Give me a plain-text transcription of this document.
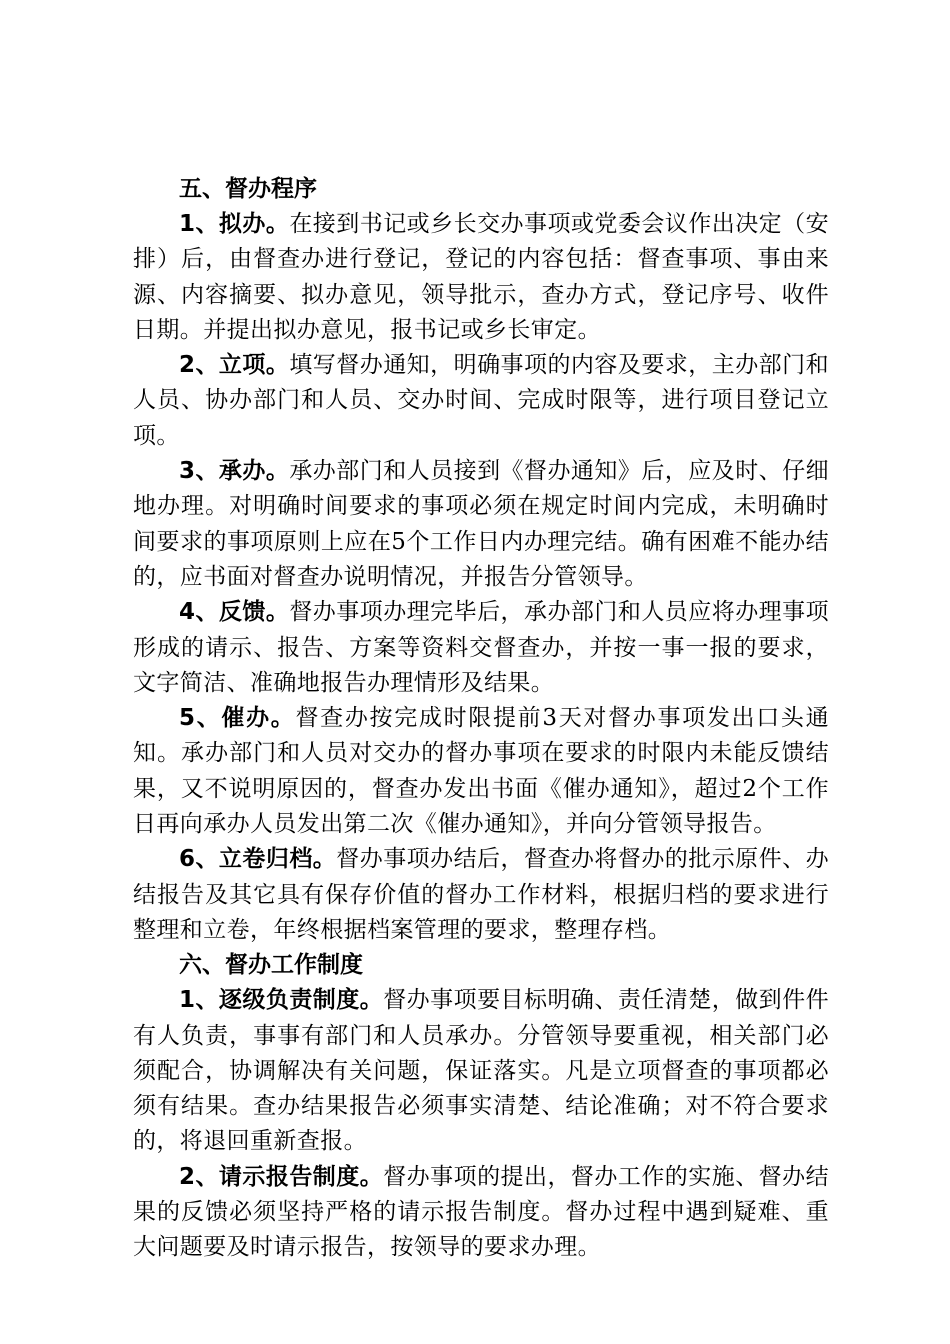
五、督办程序

1、拟办。在接到书记或乡长交办事项或党委会议作出决定（安排）后，由督查办进行登记，登记的内容包括：督查事项、事由来源、内容摘要、拟办意见，领导批示，查办方式，登记序号、收件日期。并提出拟办意见，报书记或乡长审定。

2、立项。填写督办通知，明确事项的内容及要求，主办部门和人员、协办部门和人员、交办时间、完成时限等，进行项目登记立项。

3、承办。承办部门和人员接到《督办通知》后，应及时、仔细地办理。对明确时间要求的事项必须在规定时间内完成，未明确时间要求的事项原则上应在5个工作日内办理完结。确有困难不能办结的，应书面对督查办说明情况，并报告分管领导。

4、反馈。督办事项办理完毕后，承办部门和人员应将办理事项形成的请示、报告、方案等资料交督查办，并按一事一报的要求，文字简洁、准确地报告办理情形及结果。

5、催办。督查办按完成时限提前3天对督办事项发出口头通知。承办部门和人员对交办的督办事项在要求的时限内未能反馈结果，又不说明原因的，督查办发出书面《催办通知》，超过2个工作日再向承办人员发出第二次《催办通知》，并向分管领导报告。

6、立卷归档。督办事项办结后，督查办将督办的批示原件、办结报告及其它具有保存价值的督办工作材料，根据归档的要求进行整理和立卷，年终根据档案管理的要求，整理存档。

六、督办工作制度

1、逐级负责制度。督办事项要目标明确、责任清楚，做到件件有人负责，事事有部门和人员承办。分管领导要重视，相关部门必须配合，协调解决有关问题，保证落实。凡是立项督查的事项都必须有结果。查办结果报告必须事实清楚、结论准确；对不符合要求的，将退回重新查报。

2、请示报告制度。督办事项的提出，督办工作的实施、督办结果的反馈必须坚持严格的请示报告制度。督办过程中遇到疑难、重大问题要及时请示报告，按领导的要求办理。
